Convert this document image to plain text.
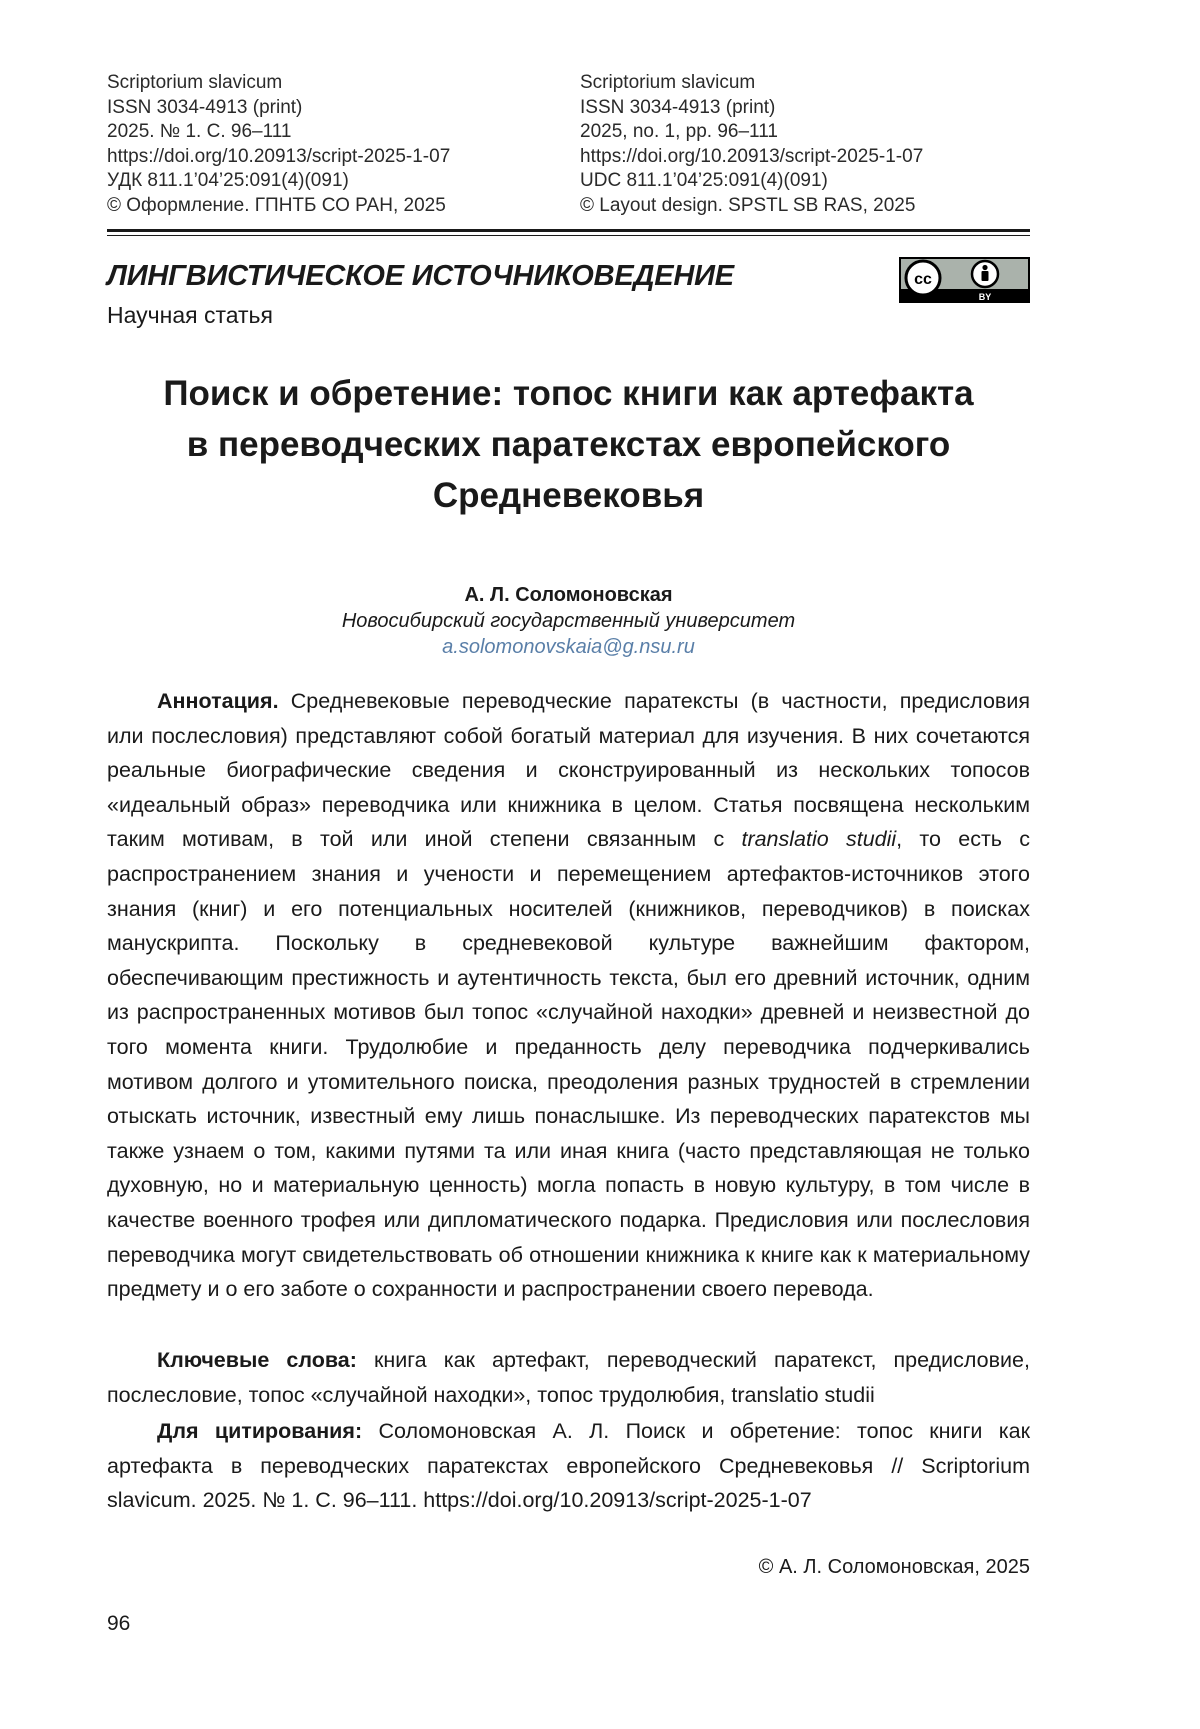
Scriptorium slavicum
ISSN 3034-4913 (print)
2025. № 1. С. 96–111
https://doi.org/10.20913/script-2025-1-07
УДК 811.1’04’25:091(4)(091)
© Оформление. ГПНТБ СО РАН, 2025
Scriptorium slavicum
ISSN 3034-4913 (print)
2025, no. 1, pp. 96–111
https://doi.org/10.20913/script-2025-1-07
UDC 811.1’04’25:091(4)(091)
© Layout design. SPSTL SB RAS, 2025
ЛИНГВИСТИЧЕСКОЕ ИСТОЧНИКОВЕДЕНИЕ
Научная статья
cc
BY
Поиск и обретение: топос книги как артефакта
в переводческих паратекстах европейского
Средневековья
А. Л. Соломоновская
Новосибирский государственный университет
a.solomonovskaia@g.nsu.ru
Аннотация. Средневековые переводческие паратексты (в частности, предисловия или послесловия) представляют собой богатый материал для изучения. В них сочетаются реальные биографические сведения и сконструированный из нескольких топосов «идеальный образ» переводчика или книжника в целом. Статья посвящена нескольким таким мотивам, в той или иной степени связанным с translatio studii, то есть с распространением знания и учености и перемещением артефактов-источников этого знания (книг) и его потенциальных носителей (книжников, переводчиков) в поисках манускрипта. Поскольку в средневековой культуре важнейшим фактором, обеспечивающим престижность и аутентичность текста, был его древний источник, одним из распространенных мотивов был топос «случайной находки» древней и неизвестной до того момента книги. Трудолюбие и преданность делу переводчика подчеркивались мотивом долгого и утомительного поиска, преодоления разных трудностей в стремлении отыскать источник, известный ему лишь понаслышке. Из переводческих паратекстов мы также узнаем о том, какими путями та или иная книга (часто представляющая не только духовную, но и материальную ценность) могла попасть в новую культуру, в том числе в качестве военного трофея или дипломатического подарка. Предисловия или послесловия переводчика могут свидетельствовать об отношении книжника к книге как к материальному предмету и о его заботе о сохранности и распространении своего перевода.
Ключевые слова: книга как артефакт, переводческий паратекст, предисловие, послесловие, топос «случайной находки», топос трудолюбия, translatio studii
Для цитирования: Соломоновская А. Л. Поиск и обретение: топос книги как артефакта в переводческих паратекстах европейского Средневековья // Scriptorium slavicum. 2025. № 1. С. 96–111. https://doi.org/10.20913/script-2025-1-07
© А. Л. Соломоновская, 2025
96
